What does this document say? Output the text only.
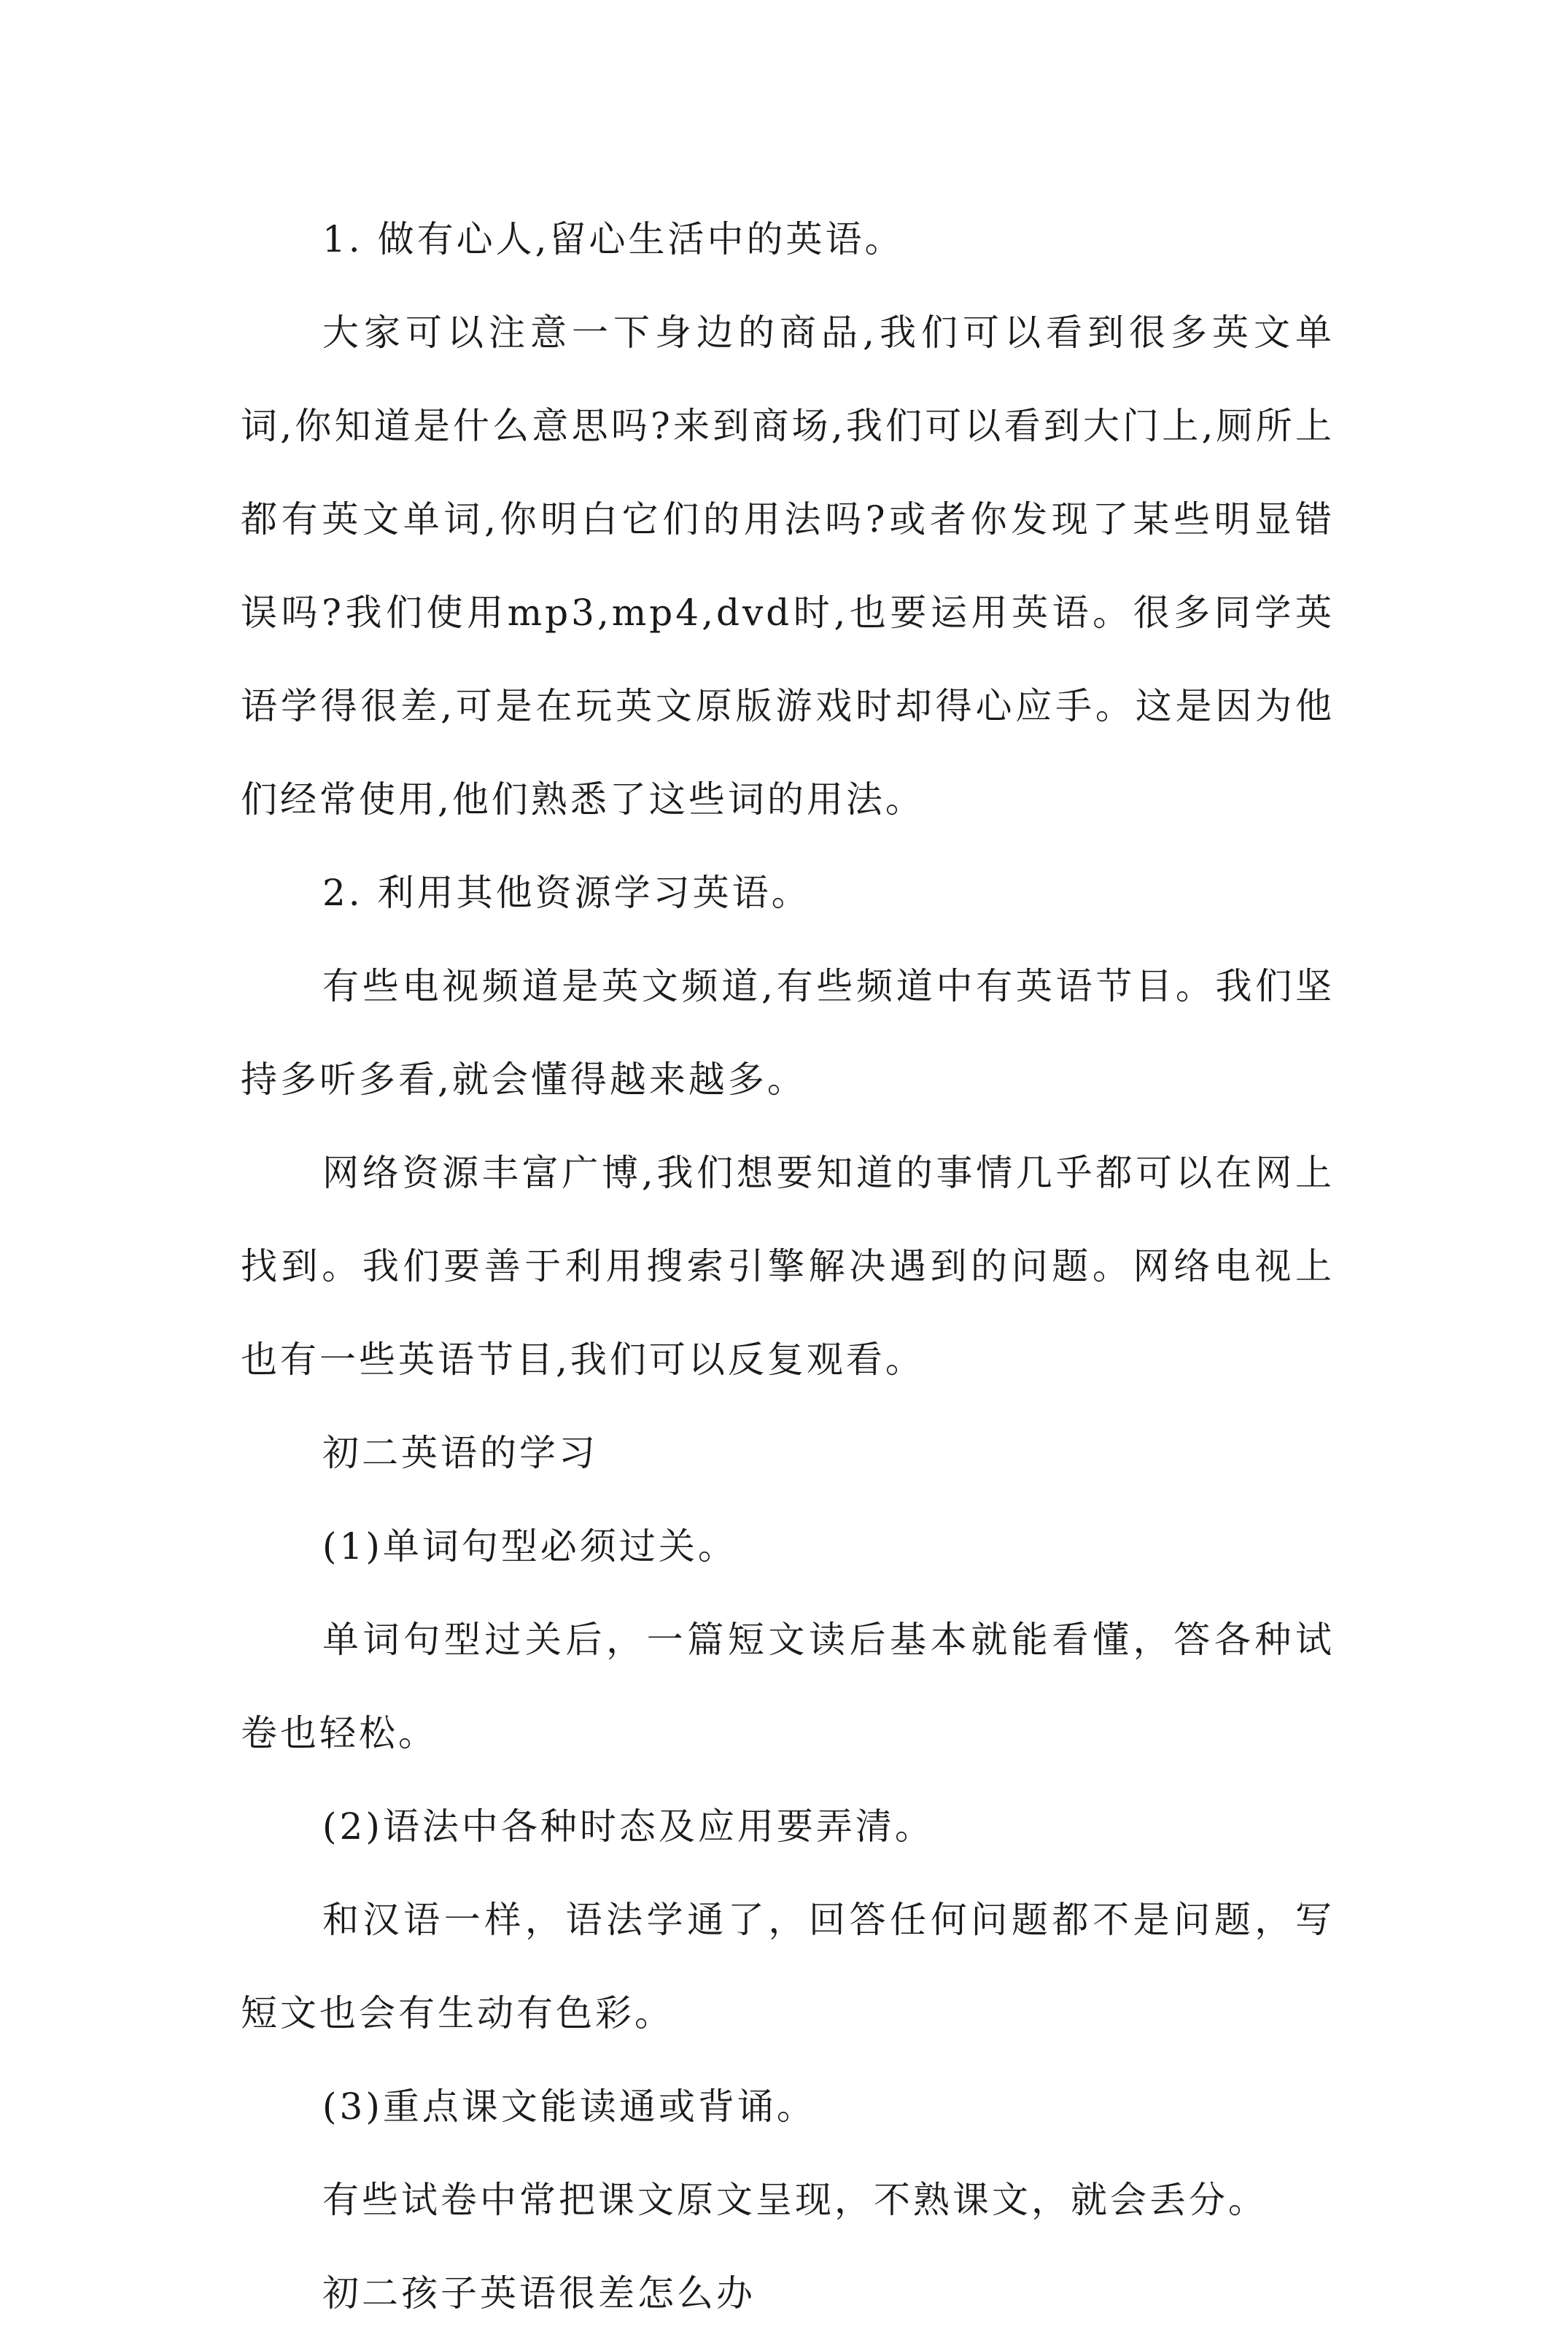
1. 做有心人,留心生活中的英语。

大家可以注意一下身边的商品,我们可以看到很多英文单词,你知道是什么意思吗?来到商场,我们可以看到大门上,厕所上都有英文单词,你明白它们的用法吗?或者你发现了某些明显错误吗?我们使用mp3,mp4,dvd时,也要运用英语。很多同学英语学得很差,可是在玩英文原版游戏时却得心应手。这是因为他们经常使用,他们熟悉了这些词的用法。

2. 利用其他资源学习英语。

有些电视频道是英文频道,有些频道中有英语节目。我们坚持多听多看,就会懂得越来越多。

网络资源丰富广博,我们想要知道的事情几乎都可以在网上找到。我们要善于利用搜索引擎解决遇到的问题。网络电视上也有一些英语节目,我们可以反复观看。

初二英语的学习

(1)单词句型必须过关。

单词句型过关后，一篇短文读后基本就能看懂，答各种试卷也轻松。

(2)语法中各种时态及应用要弄清。

和汉语一样，语法学通了，回答任何问题都不是问题，写短文也会有生动有色彩。

(3)重点课文能读通或背诵。

有些试卷中常把课文原文呈现，不熟课文，就会丢分。

初二孩子英语很差怎么办
